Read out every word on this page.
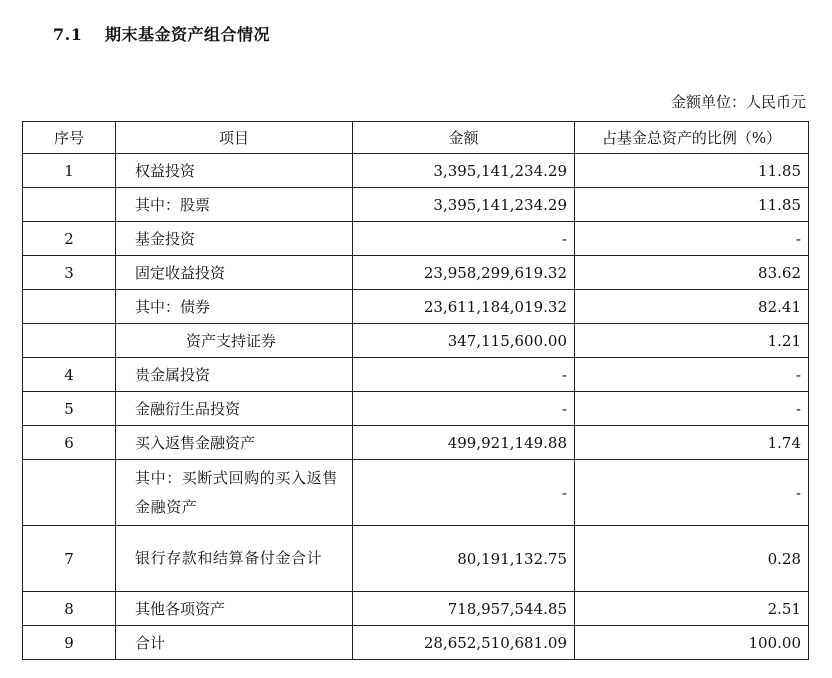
7.1 期末基金资产组合情况
金额单位：人民币元
序号	项目	金额	占基金总资产的比例（%）
1	权益投资	3,395,141,234.29	11.85
	其中：股票	3,395,141,234.29	11.85
2	基金投资	-	-
3	固定收益投资	23,958,299,619.32	83.62
	其中：债券	23,611,184,019.32	82.41
	资产支持证券	347,115,600.00	1.21
4	贵金属投资	-	-
5	金融衍生品投资	-	-
6	买入返售金融资产	499,921,149.88	1.74
	其中：买断式回购的买入返售金融资产	-	-
7	银行存款和结算备付金合计	80,191,132.75	0.28
8	其他各项资产	718,957,544.85	2.51
9	合计	28,652,510,681.09	100.00
